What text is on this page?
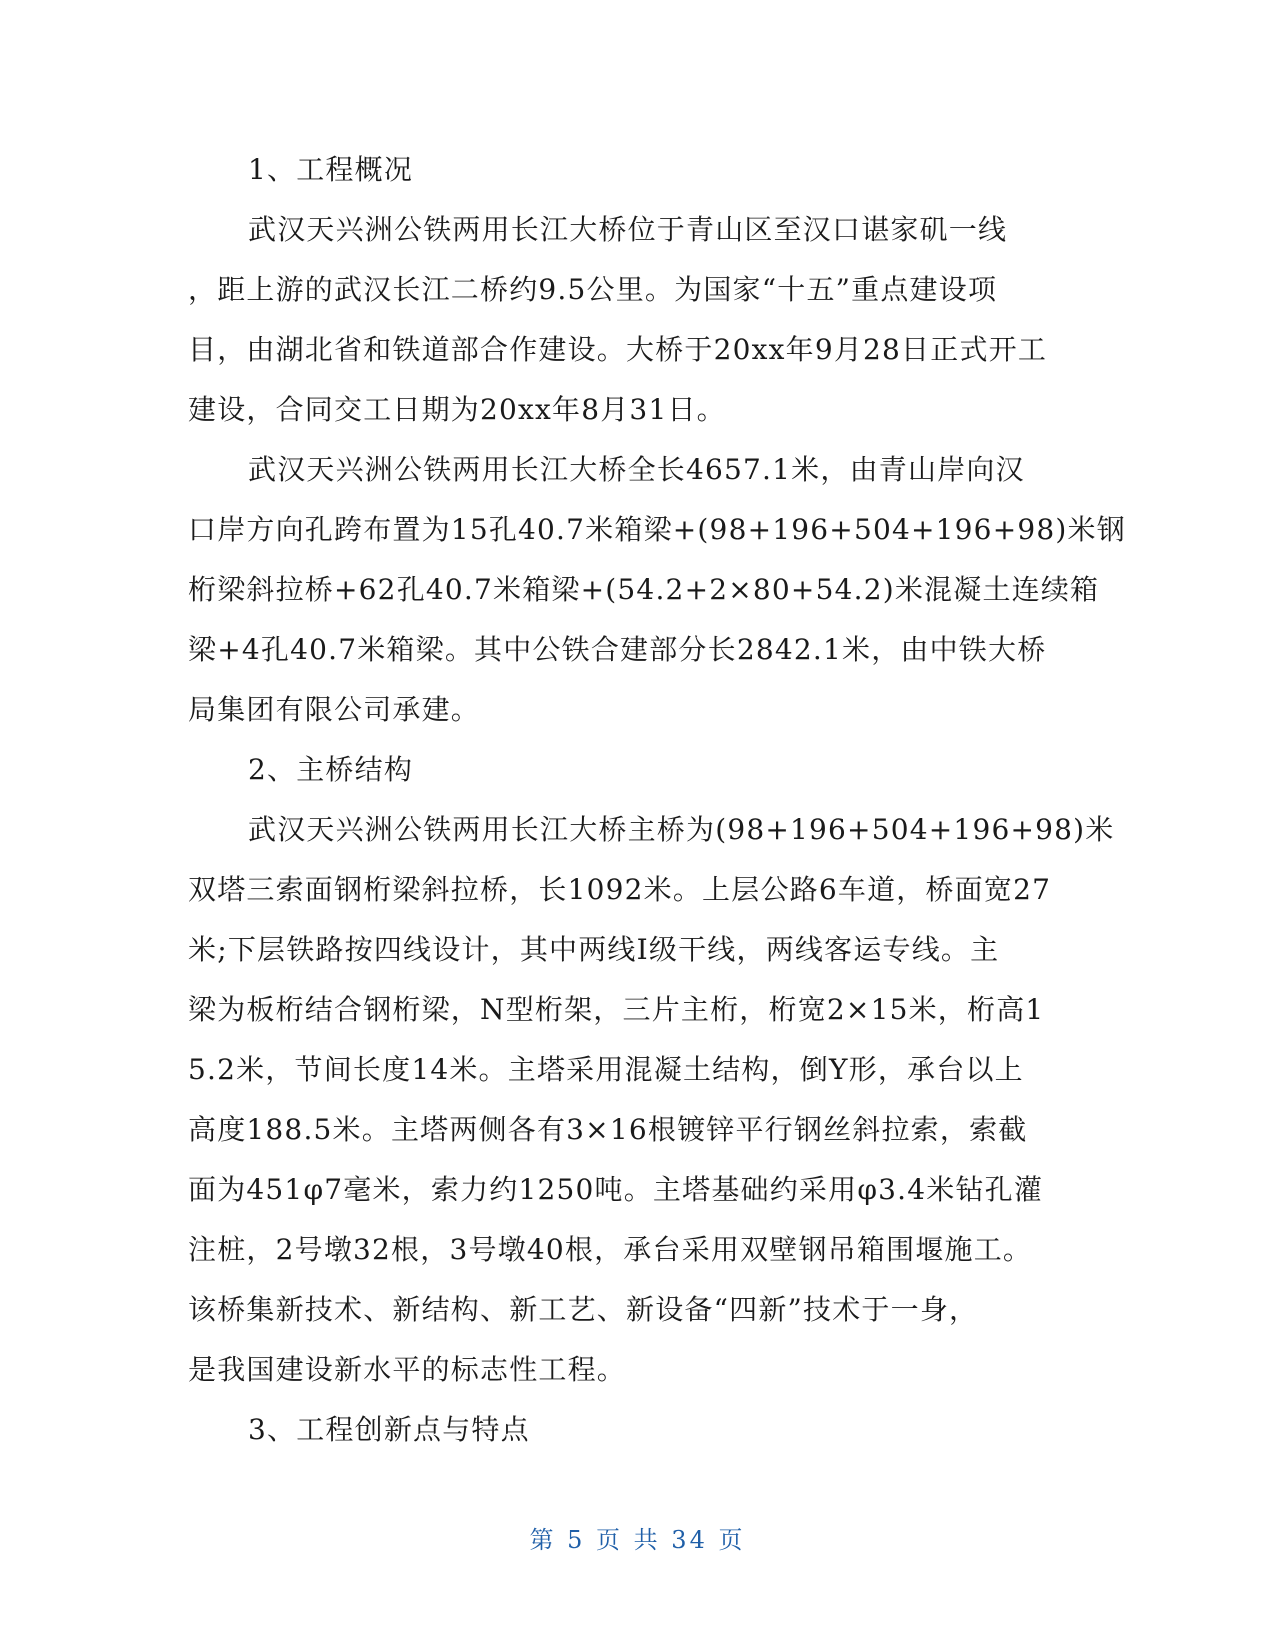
1、工程概况
武汉天兴洲公铁两用长江大桥位于青山区至汉口谌家矶一线
，距上游的武汉长江二桥约9.5公里。为国家“十五”重点建设项
目，由湖北省和铁道部合作建设。大桥于20xx年9月28日正式开工
建设，合同交工日期为20xx年8月31日。
武汉天兴洲公铁两用长江大桥全长4657.1米，由青山岸向汉
口岸方向孔跨布置为15孔40.7米箱梁+(98+196+504+196+98)米钢
桁梁斜拉桥+62孔40.7米箱梁+(54.2+2×80+54.2)米混凝土连续箱
梁+4孔40.7米箱梁。其中公铁合建部分长2842.1米，由中铁大桥
局集团有限公司承建。
2、主桥结构
武汉天兴洲公铁两用长江大桥主桥为(98+196+504+196+98)米
双塔三索面钢桁梁斜拉桥，长1092米。上层公路6车道，桥面宽27
米;下层铁路按四线设计，其中两线I级干线，两线客运专线。主
梁为板桁结合钢桁梁，N型桁架，三片主桁，桁宽2×15米，桁高1
5.2米，节间长度14米。主塔采用混凝土结构，倒Y形，承台以上
高度188.5米。主塔两侧各有3×16根镀锌平行钢丝斜拉索，索截
面为451φ7毫米，索力约1250吨。主塔基础约采用φ3.4米钻孔灌
注桩，2号墩32根，3号墩40根，承台采用双壁钢吊箱围堰施工。
该桥集新技术、新结构、新工艺、新设备“四新”技术于一身，
是我国建设新水平的标志性工程。
3、工程创新点与特点
第 5 页 共 34 页
